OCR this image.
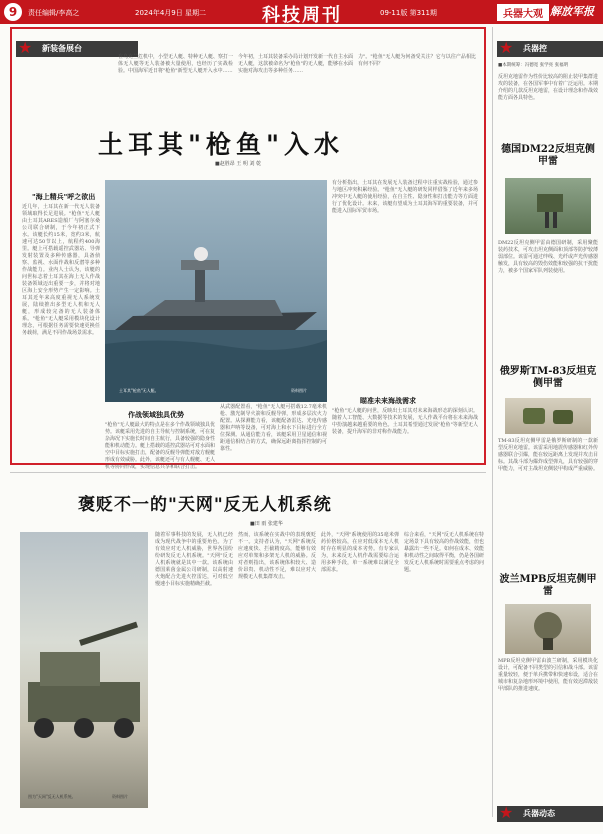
9	责任编辑/李高之	2024年4月9日 星期二	科技周刊	09-11版 第311期	兵器大观 解放军报
新装备展台
★	在乌克兰危机中，小型无人艇、特种无人艇、察打一体无人艇等无人装备被大量使用，也经历了实战检验。中国海军近日将"枪鱼"新型无人艇开入水中……
今年初，土耳其装备采办局计划开发新一代自主水面无人艇，这款被命名为"枪鱼"的无人艇，能够在水面实施对海攻击等多种任务……
力"。"枪鱼"无人艇为何备受关注？它与以往产品相比有何不同？
土耳其"枪鱼"入水
■赵胜昂 王 明 刘 乾
"海上精兵"呼之欲出
近几年，土耳其在新一代无人装备领域取得长足进展。"枪鱼"无人艇由土耳其ARES造船厂与阿塞尔桑公司联合研制，于今年初正式下水。该艇长约15米，宽约3米，航速可达50节以上，航程约400海里。艇上可搭载遥控武器站、导弹发射装置及多种传感器，具备侦察、监视、水面作战和反潜等多种作战能力。业内人士认为，该艇的问世标志着土耳其在海上无人作战装备领域迈出重要一步，并将对地区海上安全形势产生一定影响。土耳其近年来高度重视无人系统发展，陆续推出多型无人机和无人艇，形成较完备的无人装备体系。"枪鱼"无人艇采用模块化设计理念，可根据任务需要快速更换任务载荷，满足不同作战场景需求。
土耳其"枪鱼"无人艇。	资料图片
作战领域独具优势
"枪鱼"无人艇最大的特点是在多个作战领域独具优势。该艇采用先进的自主导航与控制系统，可在复杂海况下实施长时间自主航行，具备较强的隐身性能和机动能力。艇上搭载的遥控武器站可对水面和空中目标实施打击，配备的反舰导弹能对敌方舰艇形成有效威胁。此外，该艇还可与有人舰艇、无人机等协同作战，实现信息共享和联合打击。
从武器配置看，"枪鱼"无人艇可搭载12.7毫米机枪、激光制导火箭和反舰导弹，形成多层次火力配置。从探测能力看，该艇配备雷达、光电传感器和声呐等设备，可对海上和水下目标进行全方位探测。从通信能力看，该艇采用卫星通信和视距通信相结合的方式，确保远距离指挥控制的可靠性。
有分析指出，土耳其在发展无人装备过程中注重实战检验，通过参与地区冲突积累经验。"枪鱼"无人艇的研发同样借鉴了近年来多场冲突中无人艇的使用经验，在自主性、隐身性和打击能力等方面进行了优化设计。未来，该艇有望成为土耳其海军的重要装备，并可能进入国际军贸市场。
瞄准未来海战需求
"枪鱼"无人艇的问世，反映出土耳其对未来海战形态的深刻认识。随着人工智能、大数据等技术的发展，无人作战平台将在未来海战中扮演越来越重要的角色。土耳其希望通过发展"枪鱼"等新型无人装备，提升海军的非对称作战能力。
褒贬不一的"天网"反无人机系统
■田 雨 张建华
图为"天网"反无人机系统。	资料图片
随着军事科技的发展，无人机已经成为现代战争中的重要角色。为了有效应对无人机威胁，世界各国纷纷研发反无人机系统。"天网"反无人机系统就是其中一款。该系统由德国莱茵金属公司研制，以高射速火炮配合先进火控雷达，可对低空慢速小目标实施精确拦截。
然而，该系统在实战中的表现褒贬不一。支持者认为，"天网"系统反应速度快、拦截精度高，能够有效应对单架和多架无人机的威胁。反对者则指出，该系统体积较大、造价昂贵、机动性不足，难以应对大规模无人机集群攻击。
此外，"天网"系统使用的35毫米弹药价格较高，在应对低成本无人机时存在明显的成本劣势。有专家认为，未来反无人机作战需要综合运用多种手段，单一系统难以满足全部需求。
综合来看，"天网"反无人机系统在特定场景下具有较高的作战效能，但也暴露出一些不足。如何在成本、效能和机动性之间取得平衡，仍是各国研发反无人机系统时需要重点考虑的问题。
兵器控
★
■本期统筹：冯德宽 张学亮 张福明
反坦克地雷作为性价比较高的阻止装甲集群进攻的装备，在各国军事中有着广泛运用。本期介绍的几款反坦克地雷，在设计理念和作战效能方面各具特色。
德国DM22反坦克侧甲雷
DM22反坦克侧甲雷由德国研制，采用聚能装药技术，可攻击坦克侧面和顶部等防护较薄弱部位。该雷可通过绊线、光纤或声光传感器触发，具有较高的毁伤效能和较强的抗干扰能力，被多个国家军队列装使用。
俄罗斯TM-83反坦克侧甲雷
TM-83反坦克侧甲雷是俄罗斯研制的一款新型反坦克地雷。该雷采用地震传感器和红外传感器联合引爆，能在较远距离上发现并攻击目标。其战斗部为爆炸成型弹丸，具有较强的穿甲能力，可对主战坦克侧装甲构成严重威胁。
波兰MPB反坦克侧甲雷
MPB反坦克侧甲雷由波兰研制，采用模块化设计，可配备不同类型的引信和战斗部。该雷重量较轻，便于单兵携带和快速布设，适合在城市和复杂地形环境中使用，能有效迟滞敌装甲部队的推进速度。
兵器动态
★
